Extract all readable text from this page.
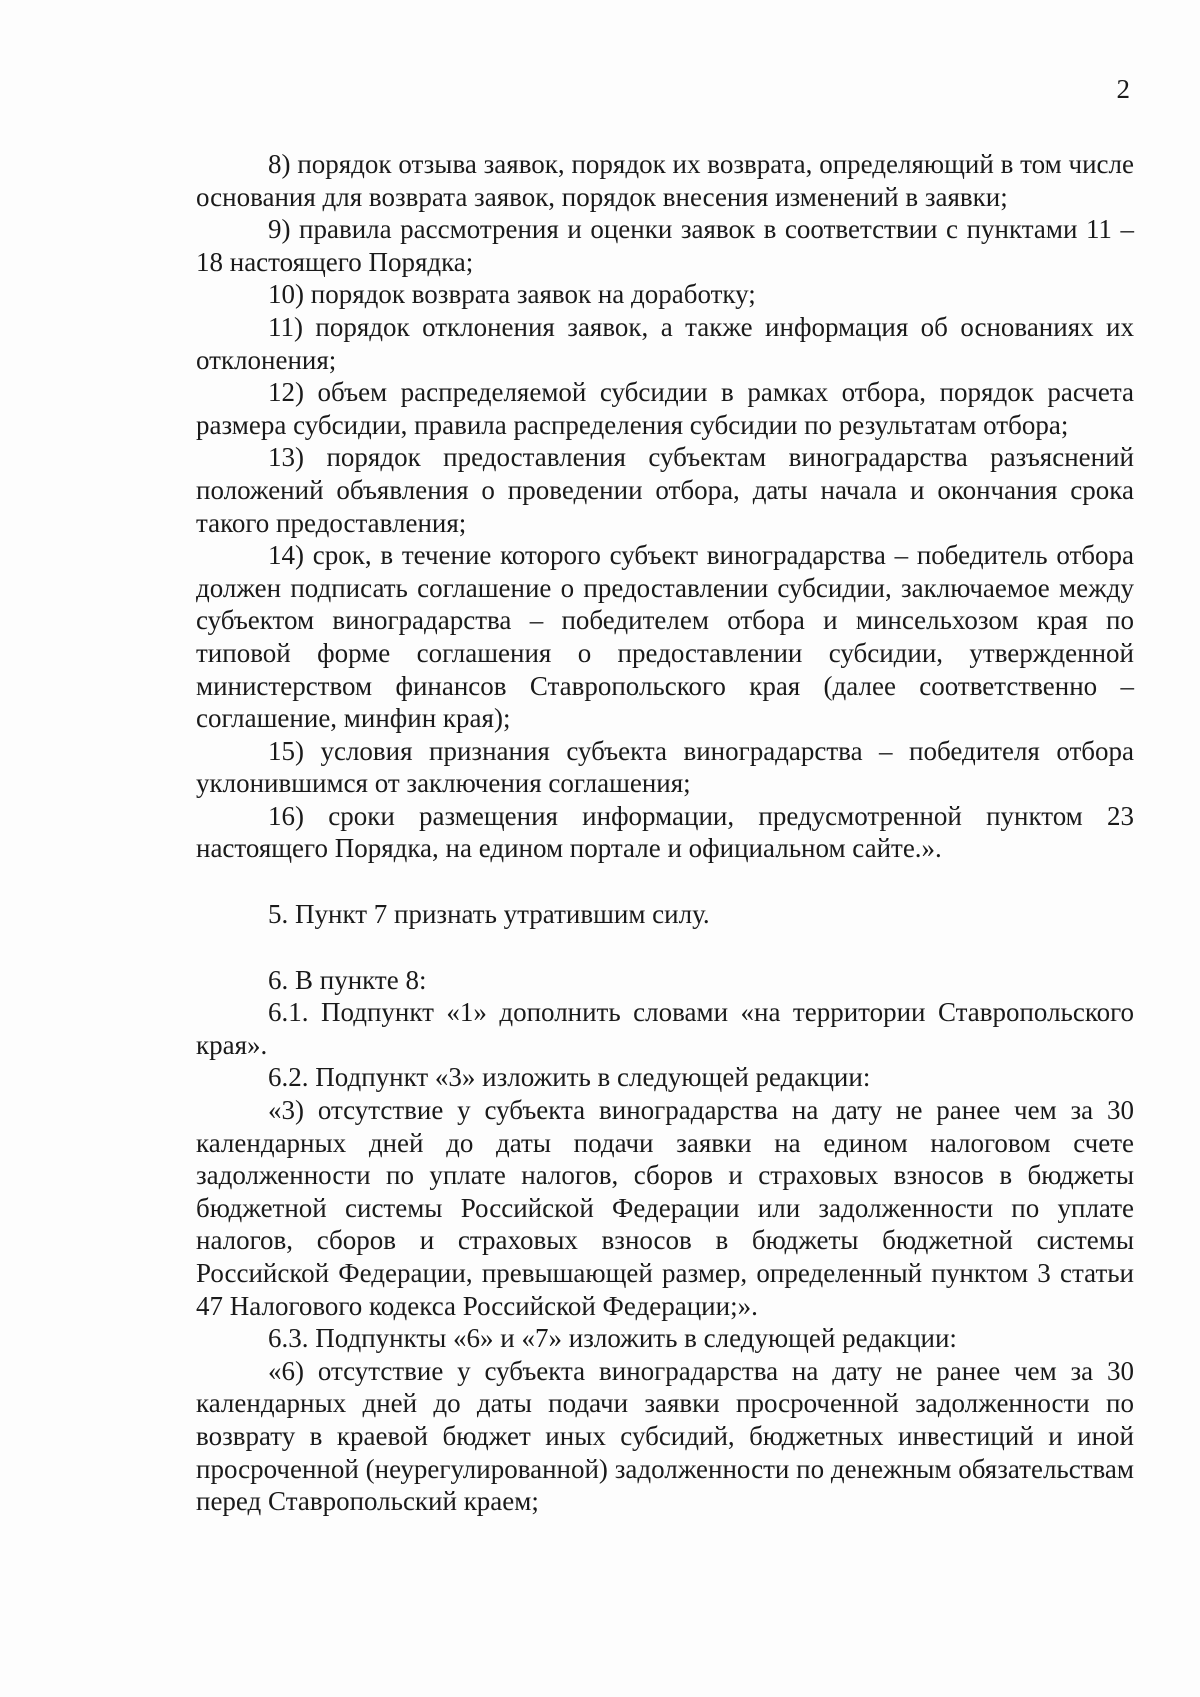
2

8) порядок отзыва заявок, порядок их возврата, определяющий в том числе основания для возврата заявок, порядок внесения изменений в заявки;

9) правила рассмотрения и оценки заявок в соответствии с пунктами 11 – 18 настоящего Порядка;

10) порядок возврата заявок на доработку;

11) порядок отклонения заявок, а также информация об основаниях их отклонения;

12) объем распределяемой субсидии в рамках отбора, порядок расчета размера субсидии, правила распределения субсидии по результатам отбора;

13) порядок предоставления субъектам виноградарства разъяснений положений объявления о проведении отбора, даты начала и окончания срока такого предоставления;

14) срок, в течение которого субъект виноградарства – победитель отбора должен подписать соглашение о предоставлении субсидии, заключаемое между субъектом виноградарства – победителем отбора и минсельхозом края по типовой форме соглашения о предоставлении субсидии, утвержденной министерством финансов Ставропольского края (далее соответственно – соглашение, минфин края);

15) условия признания субъекта виноградарства – победителя отбора уклонившимся от заключения соглашения;

16) сроки размещения информации, предусмотренной пунктом 23 настоящего Порядка, на едином портале и официальном сайте.».

5. Пункт 7 признать утратившим силу.

6. В пункте 8:

6.1. Подпункт «1» дополнить словами «на территории Ставропольского края».

6.2. Подпункт «3» изложить в следующей редакции:

«3) отсутствие у субъекта виноградарства на дату не ранее чем за 30 календарных дней до даты подачи заявки на едином налоговом счете задолженности по уплате налогов, сборов и страховых взносов в бюджеты бюджетной системы Российской Федерации или задолженности по уплате налогов, сборов и страховых взносов в бюджеты бюджетной системы Российской Федерации, превышающей размер, определенный пунктом 3 статьи 47 Налогового кодекса Российской Федерации;».

6.3. Подпункты «6» и «7» изложить в следующей редакции:

«6) отсутствие у субъекта виноградарства на дату не ранее чем за 30 календарных дней до даты подачи заявки просроченной задолженности по возврату в краевой бюджет иных субсидий, бюджетных инвестиций и иной просроченной (неурегулированной) задолженности по денежным обязательствам перед Ставропольский краем;
